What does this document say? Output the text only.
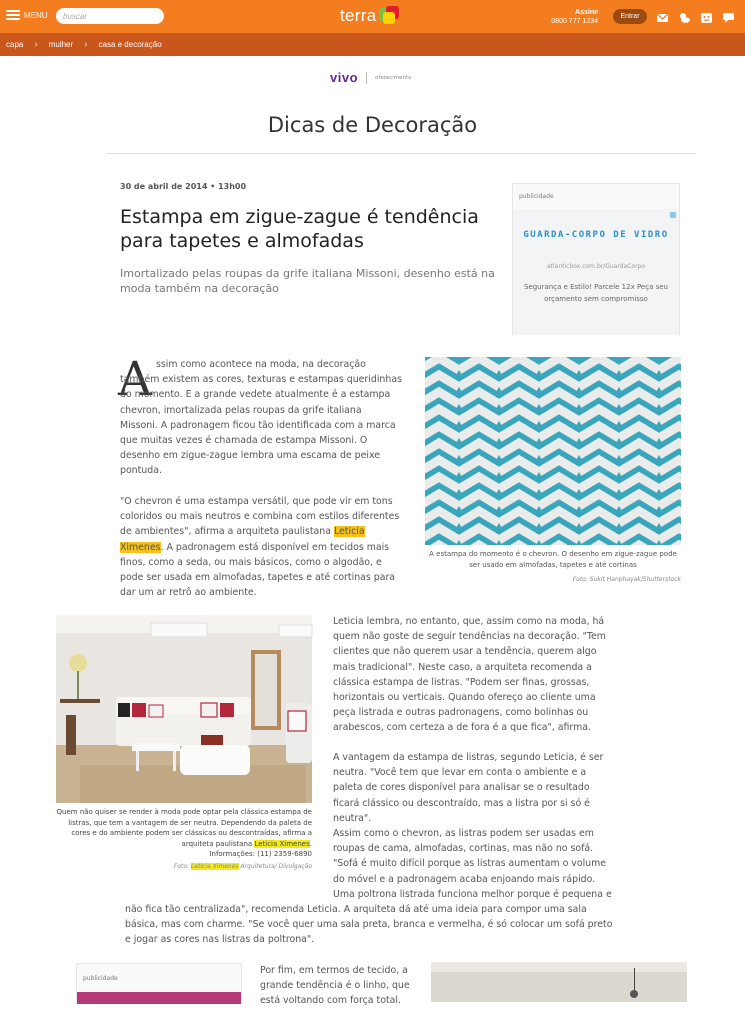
MENU
buscar	terra	Assine
0800 777 1234
Entrar
capa › mulher › casa e decoração
vivo	oferecimento
Dicas de Decoração
30 de abril de 2014 • 13h00
Estampa em zigue-zague é tendência para tapetes e almofadas

Imortalizado pelas roupas da grife italiana Missoni, desenho está na moda também na decoração

publicidade
GUARDA-CORPO DE VIDRO
atlanticbox.com.br/GuardaCorpo
Segurança e Estilo! Parcele 12x Peça seu orçamento sem compromisso
A ssim como acontece na moda, na decoração também existem as cores, texturas e estampas queridinhas do momento. E a grande vedete atualmente é a estampa chevron, imortalizada pelas roupas da grife italiana Missoni. A padronagem ficou tão identificada com a marca que muitas vezes é chamada de estampa Missoni. O desenho em zigue-zague lembra uma escama de peixe pontuda.

"O chevron é uma estampa versátil, que pode vir em tons coloridos ou mais neutros e combina com estilos diferentes de ambientes", afirma a arquiteta paulistana Leticia Ximenes. A padronagem está disponível em tecidos mais finos, como a seda, ou mais básicos, como o algodão, e pode ser usada em almofadas, tapetes e até cortinas para dar um ar retrô ao ambiente.

A estampa do momento é o chevron. O desenho em zigue-zague pode ser usado em almofadas, tapetes e até cortinas
Foto: Sukit Hanphayak/Shutterstock
Quem não quiser se render à moda pode optar pela clássica estampa de listras, que tem a vantagem de ser neutra. Dependendo da paleta de cores e do ambiente podem ser clássicas ou descontraídas, afirma a arquiteta paulistana Leticia Ximenes.
Informações: (11) 2359-6890
Foto: Leticia Ximenes Arquitetura/ Divulgação

Leticia lembra, no entanto, que, assim como na moda, há quem não goste de seguir tendências na decoração. "Tem clientes que não querem usar a tendência, querem algo mais tradicional". Neste caso, a arquiteta recomenda a clássica estampa de listras. "Podem ser finas, grossas, horizontais ou verticais. Quando ofereço ao cliente uma peça listrada e outras padronagens, como bolinhas ou arabescos, com certeza a de fora é a que fica", afirma.

A vantagem da estampa de listras, segundo Leticia, é ser neutra. "Você tem que levar em conta o ambiente e a paleta de cores disponível para analisar se o resultado ficará clássico ou descontraído, mas a listra por si só é neutra".

Assim como o chevron, as listras podem ser usadas em roupas de cama, almofadas, cortinas, mas não no sofá. "Sofá é muito difícil porque as listras aumentam o volume do móvel e a padronagem acaba enjoando mais rápido. Uma poltrona listrada funciona melhor porque é pequena e

não fica tão centralizada", recomenda Leticia. A arquiteta dá até uma ideia para compor uma sala básica, mas com charme. "Se você quer uma sala preta, branca e vermelha, é só colocar um sofá preto e jogar as cores nas listras da poltrona".

publicidade

Por fim, em termos de tecido, a grande tendência é o linho, que está voltando com força total.
